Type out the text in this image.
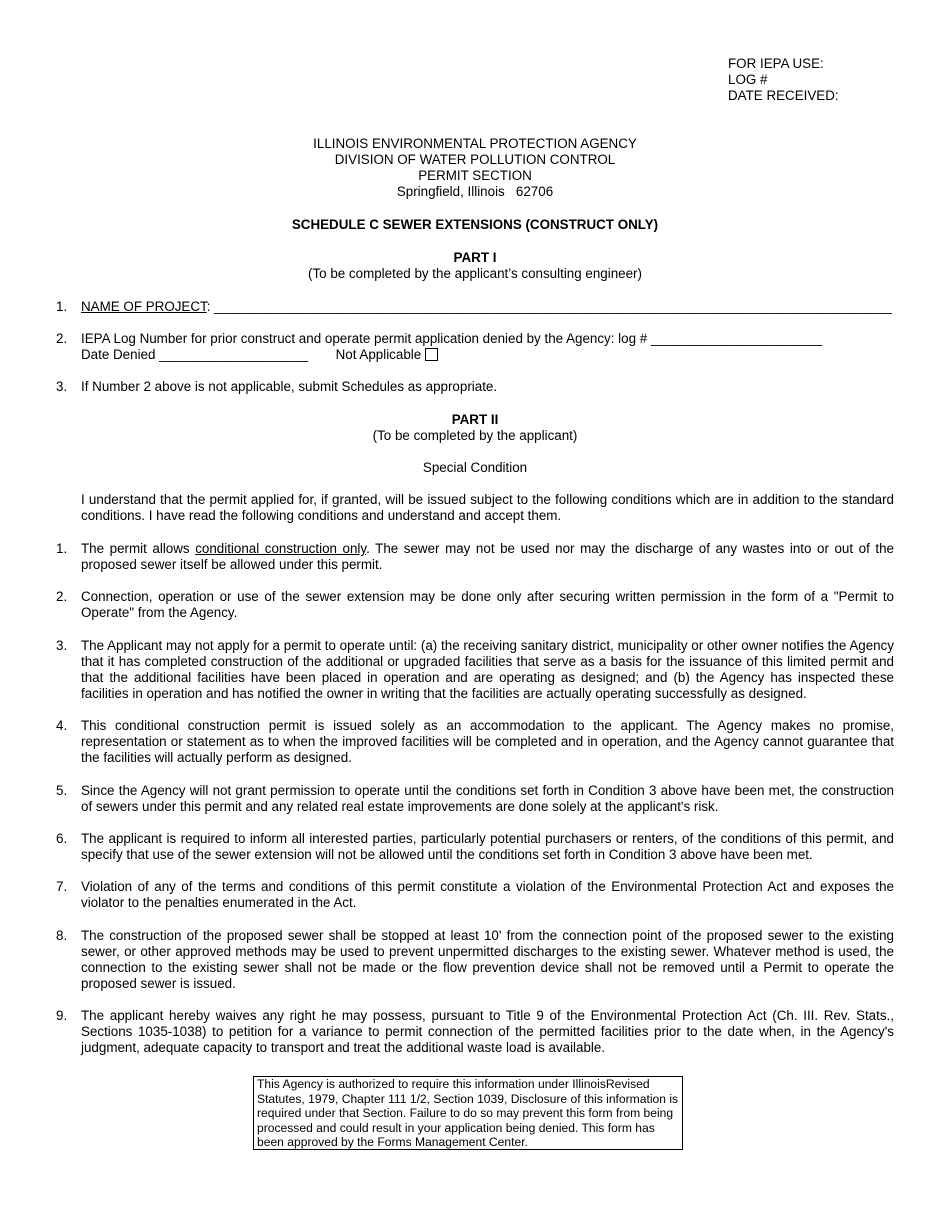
FOR IEPA USE:
LOG #
DATE RECEIVED:
ILLINOIS ENVIRONMENTAL PROTECTION AGENCY
DIVISION OF WATER POLLUTION CONTROL
PERMIT SECTION
Springfield, Illinois   62706
SCHEDULE C SEWER EXTENSIONS (CONSTRUCT ONLY)
PART I
(To be completed by the applicant’s consulting engineer)
1. NAME OF PROJECT: ___________________________________________________________________________________________
2. IEPA Log Number for prior construct and operate permit application denied by the Agency: log # _______________________
Date Denied ____________________ Not Applicable
3. If Number 2 above is not applicable, submit Schedules as appropriate.
PART II
(To be completed by the applicant)
Special Condition
I understand that the permit applied for, if granted, will be issued subject to the following conditions which are in addition to the standard conditions. I have read the following conditions and understand and accept them.
1. The permit allows conditional construction only. The sewer may not be used nor may the discharge of any wastes into or out of the proposed sewer itself be allowed under this permit.
2. Connection, operation or use of the sewer extension may be done only after securing written permission in the form of a "Permit to Operate" from the Agency.
3. The Applicant may not apply for a permit to operate until: (a) the receiving sanitary district, municipality or other owner notifies the Agency that it has completed construction of the additional or upgraded facilities that serve as a basis for the issuance of this limited permit and that the additional facilities have been placed in operation and are operating as designed; and (b) the Agency has inspected these facilities in operation and has notified the owner in writing that the facilities are actually operating successfully as designed.
4. This conditional construction permit is issued solely as an accommodation to the applicant. The Agency makes no promise, representation or statement as to when the improved facilities will be completed and in operation, and the Agency cannot guarantee that the facilities will actually perform as designed.
5. Since the Agency will not grant permission to operate until the conditions set forth in Condition 3 above have been met, the construction of sewers under this permit and any related real estate improvements are done solely at the applicant's risk.
6. The applicant is required to inform all interested parties, particularly potential purchasers or renters, of the conditions of this permit, and specify that use of the sewer extension will not be allowed until the conditions set forth in Condition 3 above have been met.
7. Violation of any of the terms and conditions of this permit constitute a violation of the Environmental Protection Act and exposes the violator to the penalties enumerated in the Act.
8. The construction of the proposed sewer shall be stopped at least 10' from the connection point of the proposed sewer to the existing sewer, or other approved methods may be used to prevent unpermitted discharges to the existing sewer. Whatever method is used, the connection to the existing sewer shall not be made or the flow prevention device shall not be removed until a Permit to operate the proposed sewer is issued.
9. The applicant hereby waives any right he may possess, pursuant to Title 9 of the Environmental Protection Act (Ch. III. Rev. Stats., Sections 1035-1038) to petition for a variance to permit connection of the permitted facilities prior to the date when, in the Agency's judgment, adequate capacity to transport and treat the additional waste load is available.
This Agency is authorized to require this information under IllinoisRevised Statutes, 1979, Chapter 111 1/2, Section 1039, Disclosure of this information is required under that Section. Failure to do so may prevent this form from being processed and could result in your application being denied. This form has been approved by the Forms Management Center.
